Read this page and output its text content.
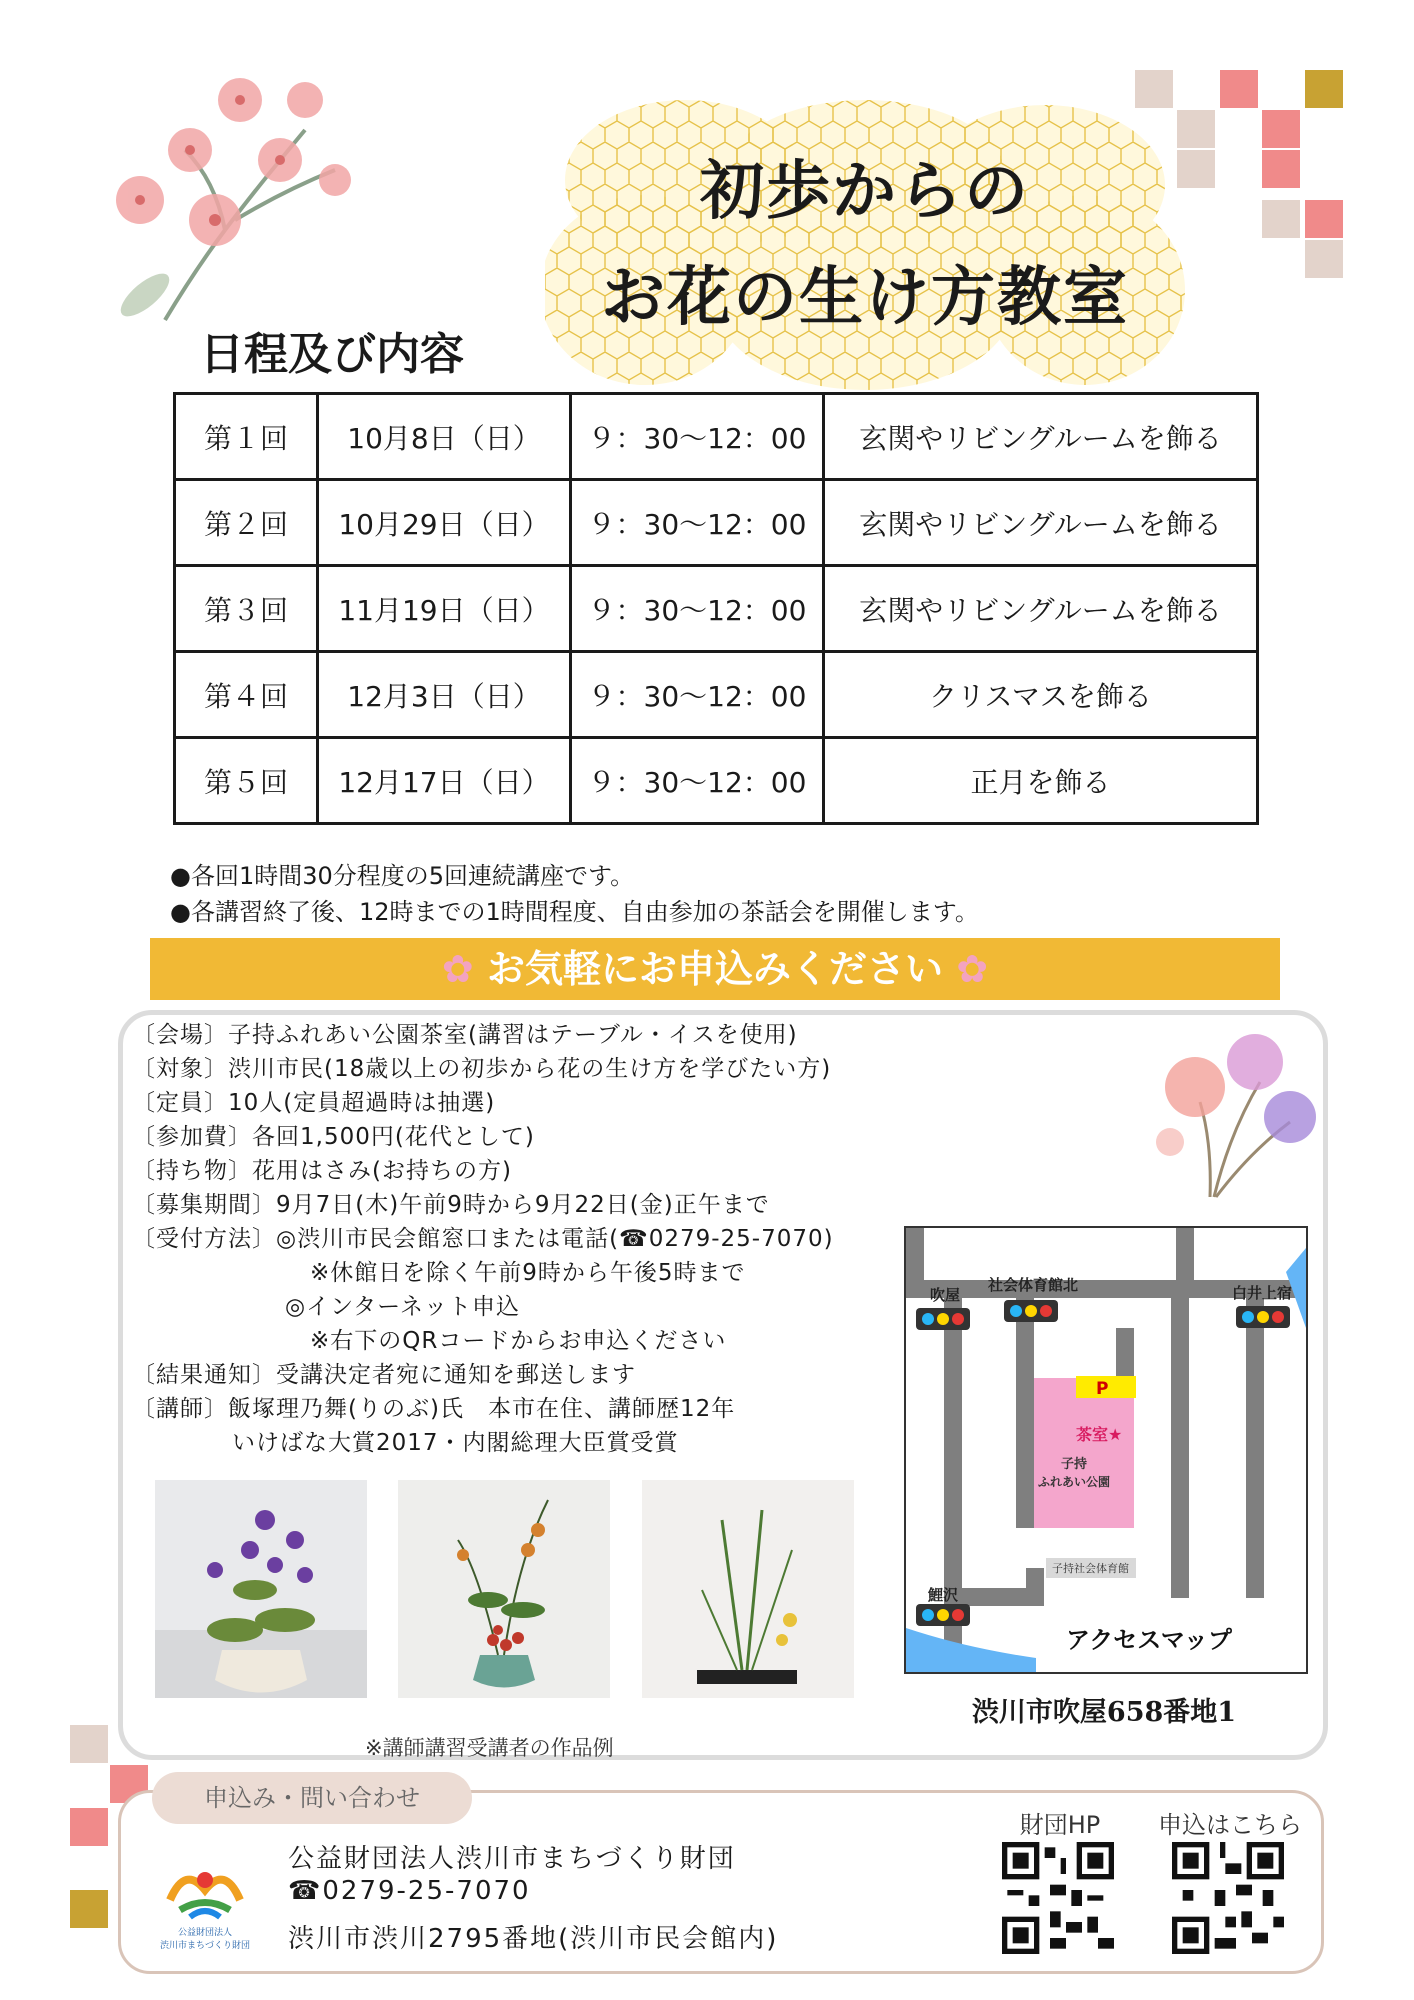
初歩からの
お花の生け方教室
日程及び内容
第１回	10月8日（日）	９：30〜12：00	玄関やリビングルームを飾る
第２回	10月29日（日）	９：30〜12：00	玄関やリビングルームを飾る
第３回	11月19日（日）	９：30〜12：00	玄関やリビングルームを飾る
第４回	12月3日（日）	９：30〜12：00	クリスマスを飾る
第５回	12月17日（日）	９：30〜12：00	正月を飾る
●各回1時間30分程度の5回連続講座です。
●各講習終了後、12時までの1時間程度、自由参加の茶話会を開催します。
✿ お気軽にお申込みください ✿
〔会場〕子持ふれあい公園茶室(講習はテーブル・イスを使用)
〔対象〕渋川市民(18歳以上の初歩から花の生け方を学びたい方)
〔定員〕10人(定員超過時は抽選)
〔参加費〕各回1,500円(花代として)
〔持ち物〕花用はさみ(お持ちの方)
〔募集期間〕9月7日(木)午前9時から9月22日(金)正午まで
〔受付方法〕◎渋川市民会館窓口または電話(☎0279-25-7070)
※休館日を除く午前9時から午後5時まで
◎インターネット申込
※右下のQRコードからお申込ください
〔結果通知〕受講決定者宛に通知を郵送します
〔講師〕飯塚理乃舞(りのぶ)氏　本市在住、講師歴12年
いけばな大賞2017・内閣総理大臣賞受賞
※講師講習受講者の作品例
吹屋
社会体育館北	白井上宿
P
茶室★
子持
ふれあい公園
子持社会体育館
鯉沢
アクセスマップ
渋川市吹屋658番地1
申込み・問い合わせ
公益財団法人
渋川市まちづくり財団
公益財団法人渋川市まちづくり財団
☎0279-25-7070
渋川市渋川2795番地(渋川市民会館内)
財団HP	申込はこちら
